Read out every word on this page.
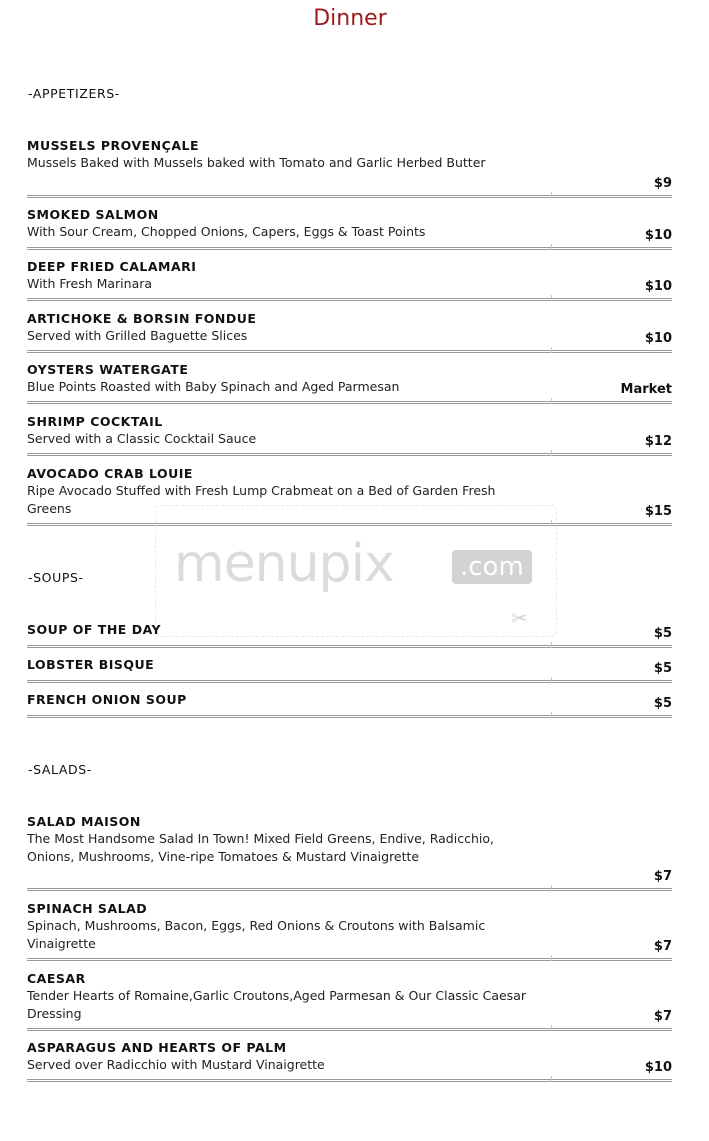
Dinner
-APPETIZERS-
MUSSELS PROVENÇALE
Mussels Baked with Mussels baked with Tomato and Garlic Herbed Butter
$9
SMOKED SALMON
With Sour Cream, Chopped Onions, Capers, Eggs & Toast Points	$10
DEEP FRIED CALAMARI
With Fresh Marinara	$10
ARTICHOKE & BORSIN FONDUE
Served with Grilled Baguette Slices	$10
OYSTERS WATERGATE
Blue Points Roasted with Baby Spinach and Aged Parmesan	Market
SHRIMP COCKTAIL
Served with a Classic Cocktail Sauce	$12
AVOCADO CRAB LOUIE
Ripe Avocado Stuffed with Fresh Lump Crabmeat on a Bed of Garden Fresh Greens	$15
menupix	.com
✂
-SOUPS-
SOUP OF THE DAY	$5
LOBSTER BISQUE	$5
FRENCH ONION SOUP	$5
-SALADS-
SALAD MAISON
The Most Handsome Salad In Town! Mixed Field Greens, Endive, Radicchio, Onions, Mushrooms, Vine-ripe Tomatoes & Mustard Vinaigrette
$7
SPINACH SALAD
Spinach, Mushrooms, Bacon, Eggs, Red Onions & Croutons with Balsamic Vinaigrette	$7
CAESAR
Tender Hearts of Romaine,Garlic Croutons,Aged Parmesan & Our Classic Caesar Dressing	$7
ASPARAGUS AND HEARTS OF PALM
Served over Radicchio with Mustard Vinaigrette	$10
